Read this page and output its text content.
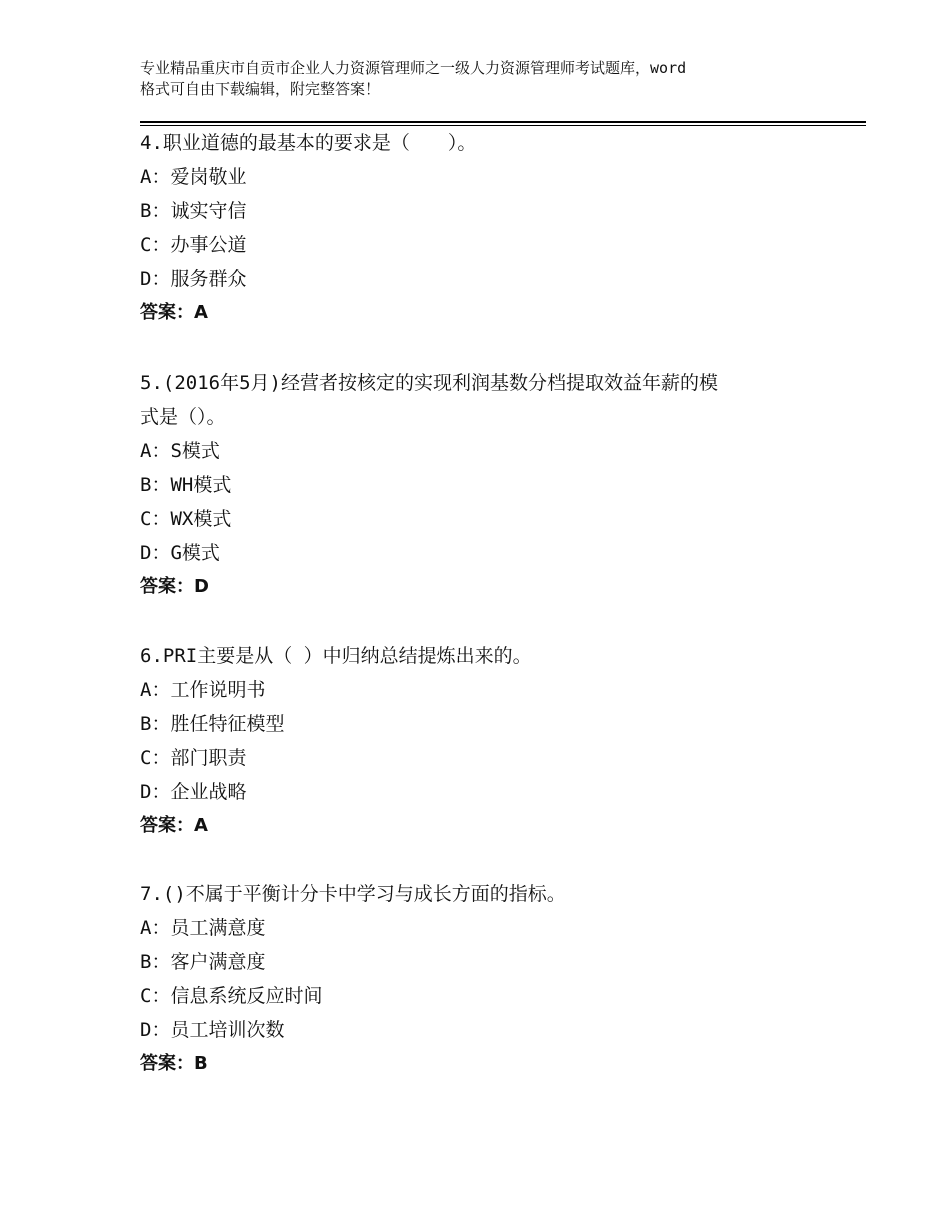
专业精品重庆市自贡市企业人力资源管理师之一级人力资源管理师考试题库，word
格式可自由下载编辑，附完整答案！
4.职业道德的最基本的要求是（　　）。
A：爱岗敬业
B：诚实守信
C：办事公道
D：服务群众
答案：A
5.(2016年5月)经营者按核定的实现利润基数分档提取效益年薪的模
式是（）。
A：S模式
B：WH模式
C：WX模式
D：G模式
答案：D
6.PRI主要是从（ ）中归纳总结提炼出来的。
A：工作说明书
B：胜任特征模型
C：部门职责
D：企业战略
答案：A
7.()不属于平衡计分卡中学习与成长方面的指标。
A：员工满意度
B：客户满意度
C：信息系统反应时间
D：员工培训次数
答案：B
